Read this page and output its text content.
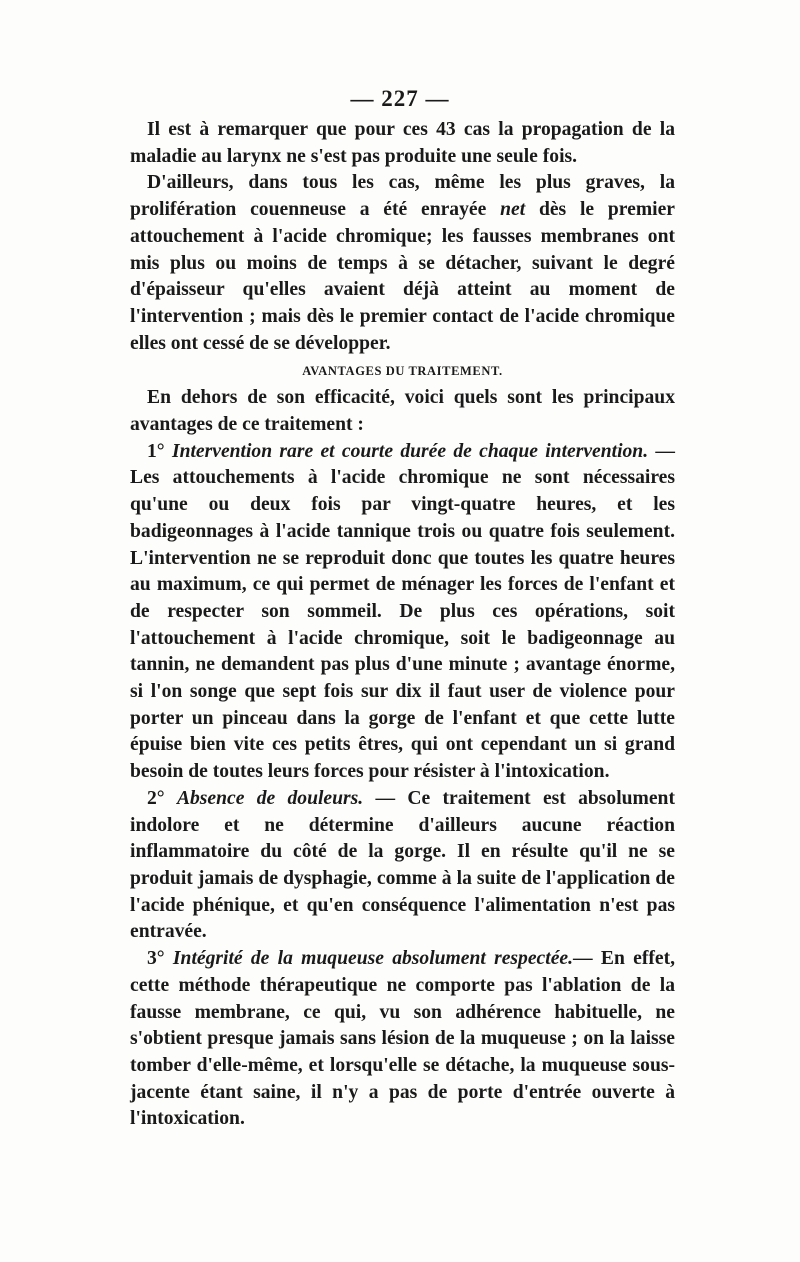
— 227 —

Il est à remarquer que pour ces 43 cas la propagation de la maladie au larynx ne s'est pas produite une seule fois.

D'ailleurs, dans tous les cas, même les plus graves, la prolifération couenneuse a été enrayée net dès le premier attouchement à l'acide chromique; les fausses membranes ont mis plus ou moins de temps à se détacher, suivant le degré d'épaisseur qu'elles avaient déjà atteint au moment de l'intervention ; mais dès le premier contact de l'acide chromique elles ont cessé de se développer.

AVANTAGES DU TRAITEMENT.

En dehors de son efficacité, voici quels sont les principaux avantages de ce traitement :

1° Intervention rare et courte durée de chaque intervention. — Les attouchements à l'acide chromique ne sont nécessaires qu'une ou deux fois par vingt-quatre heures, et les badigeonnages à l'acide tannique trois ou quatre fois seulement. L'intervention ne se reproduit donc que toutes les quatre heures au maximum, ce qui permet de ménager les forces de l'enfant et de respecter son sommeil. De plus ces opérations, soit l'attouchement à l'acide chromique, soit le badigeonnage au tannin, ne demandent pas plus d'une minute ; avantage énorme, si l'on songe que sept fois sur dix il faut user de violence pour porter un pinceau dans la gorge de l'enfant et que cette lutte épuise bien vite ces petits êtres, qui ont cependant un si grand besoin de toutes leurs forces pour résister à l'intoxication.

2° Absence de douleurs. — Ce traitement est absolument indolore et ne détermine d'ailleurs aucune réaction inflammatoire du côté de la gorge. Il en résulte qu'il ne se produit jamais de dysphagie, comme à la suite de l'application de l'acide phénique, et qu'en conséquence l'alimentation n'est pas entravée.

3° Intégrité de la muqueuse absolument respectée.— En effet, cette méthode thérapeutique ne comporte pas l'ablation de la fausse membrane, ce qui, vu son adhérence habituelle, ne s'obtient presque jamais sans lésion de la muqueuse ; on la laisse tomber d'elle-même, et lorsqu'elle se détache, la muqueuse sous-jacente étant saine, il n'y a pas de porte d'entrée ouverte à l'intoxication.
